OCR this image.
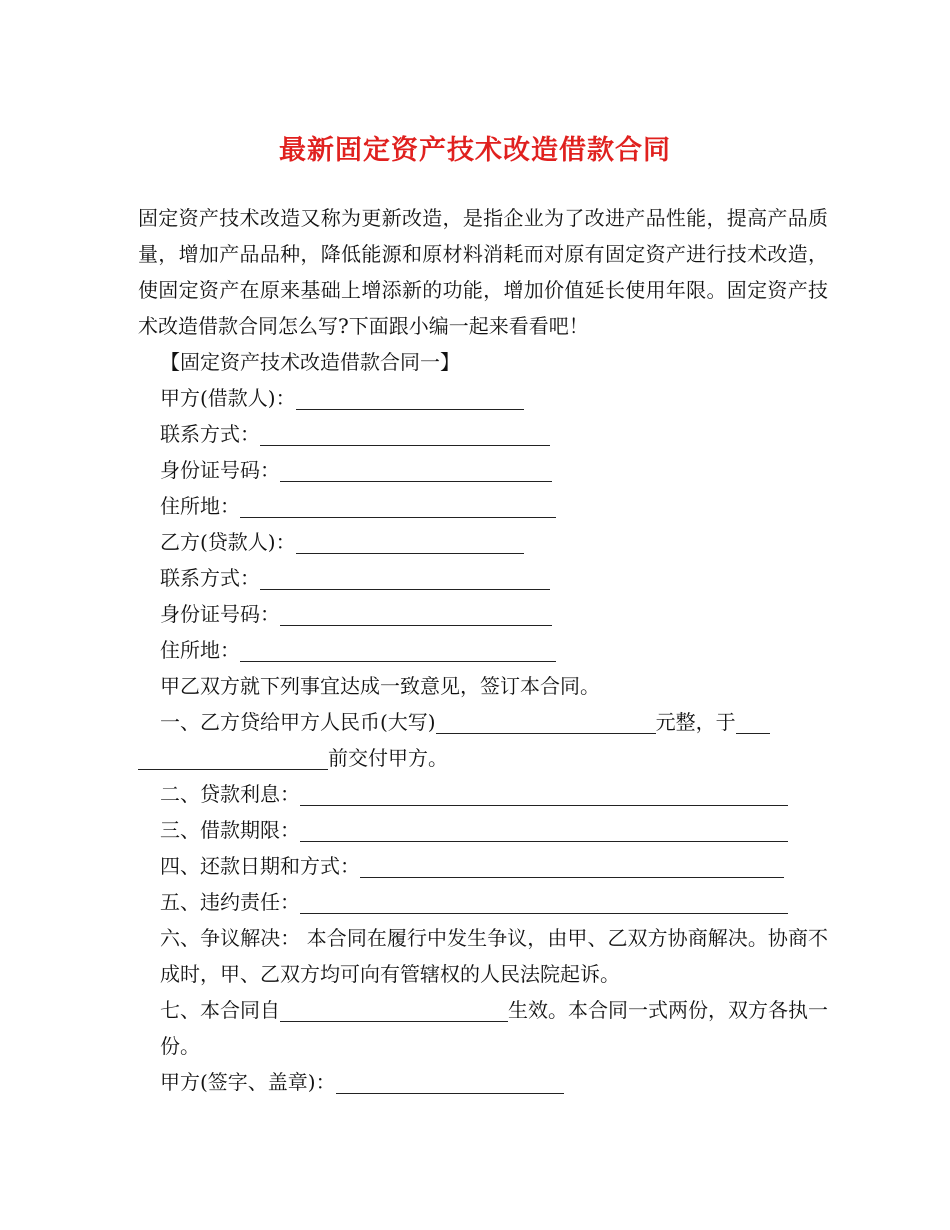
最新固定资产技术改造借款合同

固定资产技术改造又称为更新改造，是指企业为了改进产品性能，提高产品质量，增加产品品种，降低能源和原材料消耗而对原有固定资产进行技术改造，使固定资产在原来基础上增添新的功能，增加价值延长使用年限。固定资产技术改造借款合同怎么写?下面跟小编一起来看看吧！

【固定资产技术改造借款合同一】

甲方(借款人)：
联系方式：
身份证号码：
住所地：
乙方(贷款人)：
联系方式：
身份证号码：
住所地：

甲乙双方就下列事宜达成一致意见，签订本合同。

一、乙方贷给甲方人民币(大写)	元整，于
前交付甲方。
二、贷款利息：
三、借款期限：
四、还款日期和方式：
五、违约责任：

六、争议解决： 本合同在履行中发生争议，由甲、乙双方协商解决。协商不成时，甲、乙双方均可向有管辖权的人民法院起诉。

七、本合同自	生效。本合同一式两份，双方各执一份。

甲方(签字、盖章)：
